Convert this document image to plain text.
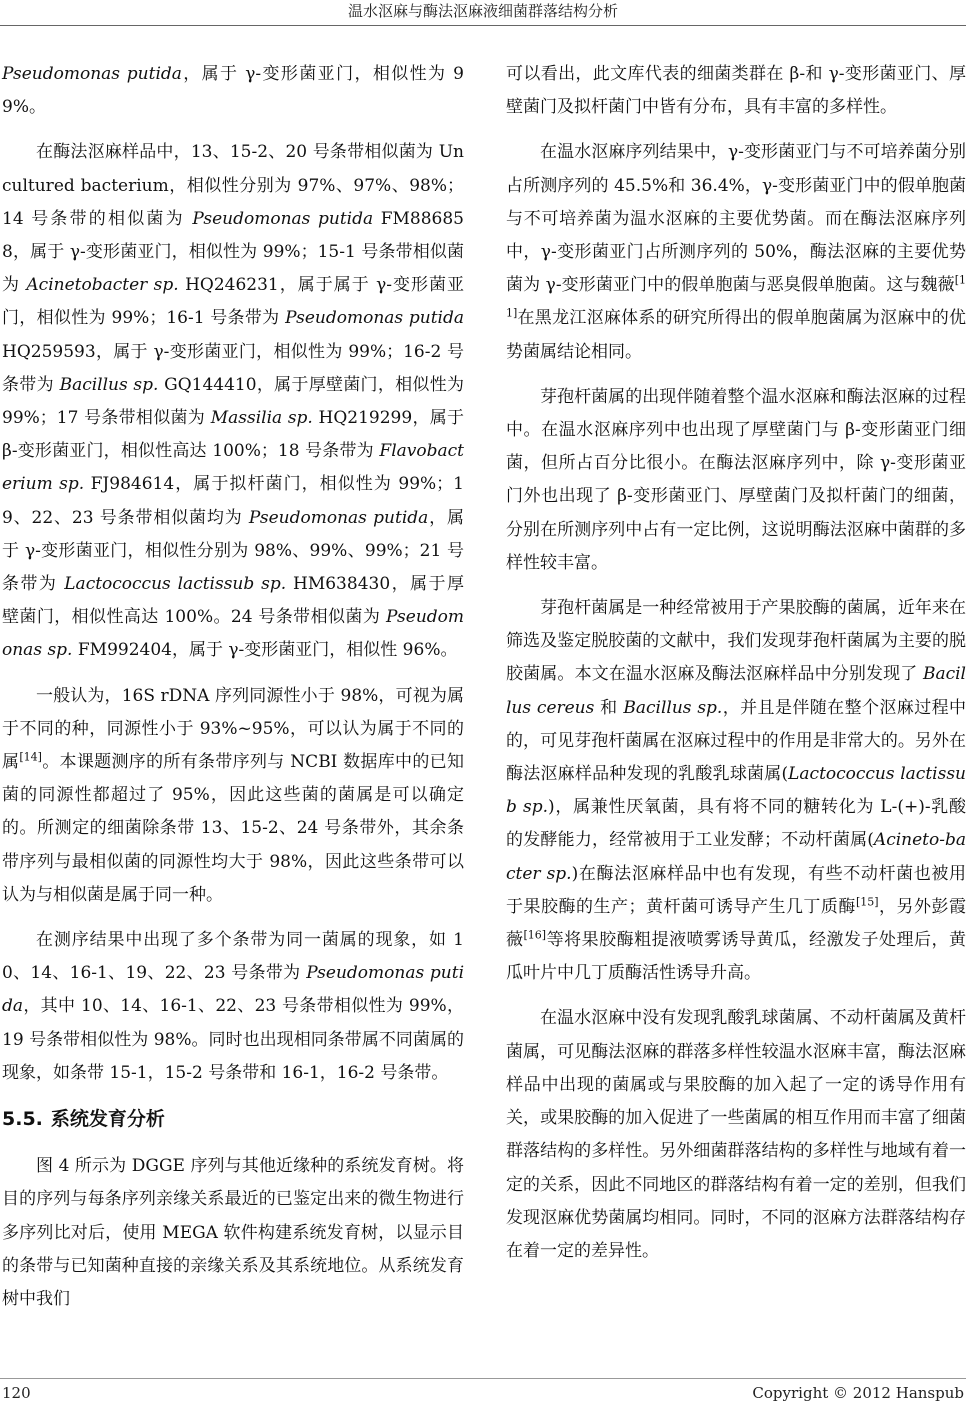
温水沤麻与酶法沤麻液细菌群落结构分析

Pseudomonas putida，属于 γ-变形菌亚门，相似性为 99%。

在酶法沤麻样品中，13、15-2、20 号条带相似菌为 Uncultured bacterium，相似性分别为 97%、97%、98%；14 号条带的相似菌为 Pseudomonas putida FM886858，属于 γ-变形菌亚门，相似性为 99%；15-1 号条带相似菌为 Acinetobacter sp. HQ246231，属于属于 γ-变形菌亚门，相似性为 99%；16-1 号条带为 Pseudomonas putida HQ259593，属于 γ-变形菌亚门，相似性为 99%；16-2 号条带为 Bacillus sp. GQ144410，属于厚壁菌门，相似性为 99%；17 号条带相似菌为 Massilia sp. HQ219299，属于 β-变形菌亚门，相似性高达 100%；18 号条带为 Flavobacterium sp. FJ984614，属于拟杆菌门，相似性为 99%；19、22、23 号条带相似菌均为 Pseudomonas putida，属于 γ-变形菌亚门，相似性分别为 98%、99%、99%；21 号条带为 Lactococcus lactissub sp. HM638430，属于厚壁菌门，相似性高达 100%。24 号条带相似菌为 Pseudomonas sp. FM992404，属于 γ-变形菌亚门，相似性 96%。

一般认为，16S rDNA 序列同源性小于 98%，可视为属于不同的种，同源性小于 93%~95%，可以认为属于不同的属[14]。本课题测序的所有条带序列与 NCBI 数据库中的已知菌的同源性都超过了 95%，因此这些菌的菌属是可以确定的。所测定的细菌除条带 13、15-2、24 号条带外，其余条带序列与最相似菌的同源性均大于 98%，因此这些条带可以认为与相似菌是属于同一种。

在测序结果中出现了多个条带为同一菌属的现象，如 10、14、16-1、19、22、23 号条带为 Pseudomonas putida，其中 10、14、16-1、22、23 号条带相似性为 99%，19 号条带相似性为 98%。同时也出现相同条带属不同菌属的现象，如条带 15-1，15-2 号条带和 16-1，16-2 号条带。

5.5. 系统发育分析

图 4 所示为 DGGE 序列与其他近缘种的系统发育树。将目的序列与每条序列亲缘关系最近的已鉴定出来的微生物进行多序列比对后，使用 MEGA 软件构建系统发育树，以显示目的条带与已知菌种直接的亲缘关系及其系统地位。从系统发育树中我们

可以看出，此文库代表的细菌类群在 β-和 γ-变形菌亚门、厚壁菌门及拟杆菌门中皆有分布，具有丰富的多样性。

在温水沤麻序列结果中，γ-变形菌亚门与不可培养菌分别占所测序列的 45.5%和 36.4%，γ-变形菌亚门中的假单胞菌与不可培养菌为温水沤麻的主要优势菌。而在酶法沤麻序列中，γ-变形菌亚门占所测序列的 50%，酶法沤麻的主要优势菌为 γ-变形菌亚门中的假单胞菌与恶臭假单胞菌。这与魏薇[11]在黑龙江沤麻体系的研究所得出的假单胞菌属为沤麻中的优势菌属结论相同。

芽孢杆菌属的出现伴随着整个温水沤麻和酶法沤麻的过程中。在温水沤麻序列中也出现了厚壁菌门与 β-变形菌亚门细菌，但所占百分比很小。在酶法沤麻序列中，除 γ-变形菌亚门外也出现了 β-变形菌亚门、厚壁菌门及拟杆菌门的细菌，分别在所测序列中占有一定比例，这说明酶法沤麻中菌群的多样性较丰富。

芽孢杆菌属是一种经常被用于产果胶酶的菌属，近年来在筛选及鉴定脱胶菌的文献中，我们发现芽孢杆菌属为主要的脱胶菌属。本文在温水沤麻及酶法沤麻样品中分别发现了 Bacillus cereus 和 Bacillus sp.，并且是伴随在整个沤麻过程中的，可见芽孢杆菌属在沤麻过程中的作用是非常大的。另外在酶法沤麻样品种发现的乳酸乳球菌属(Lactococcus lactissub sp.)，属兼性厌氧菌，具有将不同的糖转化为 L-(+)-乳酸的发酵能力，经常被用于工业发酵；不动杆菌属(Acineto-bacter sp.)在酶法沤麻样品中也有发现，有些不动杆菌也被用于果胶酶的生产；黄杆菌可诱导产生几丁质酶[15]，另外彭霞薇[16]等将果胶酶粗提液喷雾诱导黄瓜，经激发子处理后，黄瓜叶片中几丁质酶活性诱导升高。

在温水沤麻中没有发现乳酸乳球菌属、不动杆菌属及黄杆菌属，可见酶法沤麻的群落多样性较温水沤麻丰富，酶法沤麻样品中出现的菌属或与果胶酶的加入起了一定的诱导作用有关，或果胶酶的加入促进了一些菌属的相互作用而丰富了细菌群落结构的多样性。另外细菌群落结构的多样性与地域有着一定的关系，因此不同地区的群落结构有着一定的差别，但我们发现沤麻优势菌属均相同。同时，不同的沤麻方法群落结构存在着一定的差异性。

120	Copyright © 2012 Hanspub
